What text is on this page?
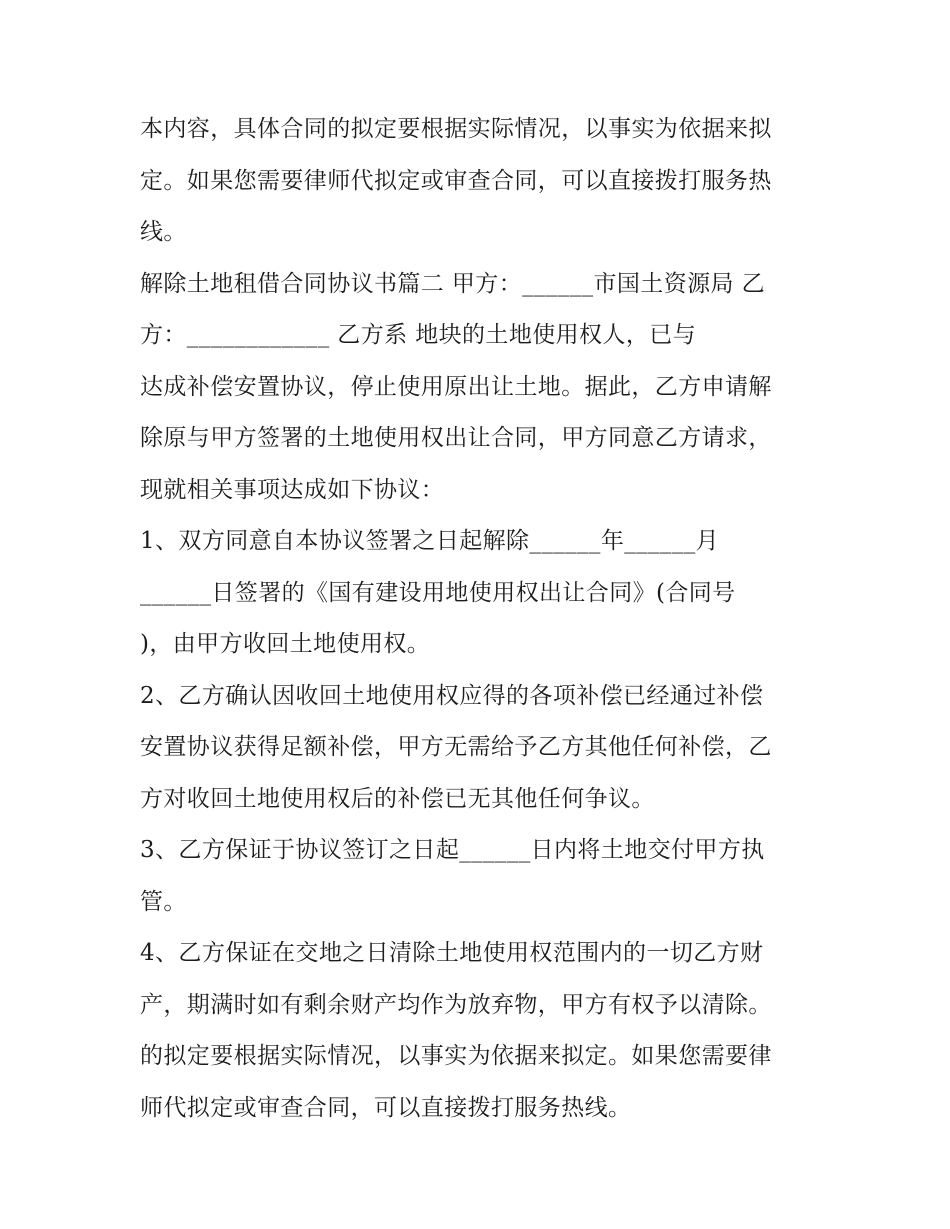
本内容，具体合同的拟定要根据实际情况，以事实为依据来拟
定。如果您需要律师代拟定或审查合同，可以直接拨打服务热
线。
解除土地租借合同协议书篇二 甲方：______市国土资源局 乙
方：____________ 乙方系 地块的土地使用权人，已与
达成补偿安置协议，停止使用原出让土地。据此，乙方申请解
除原与甲方签署的土地使用权出让合同，甲方同意乙方请求，
现就相关事项达成如下协议：
1、双方同意自本协议签署之日起解除______年______月
______日签署的《国有建设用地使用权出让合同》(合同号
)，由甲方收回土地使用权。
2、乙方确认因收回土地使用权应得的各项补偿已经通过补偿
安置协议获得足额补偿，甲方无需给予乙方其他任何补偿，乙
方对收回土地使用权后的补偿已无其他任何争议。
3、乙方保证于协议签订之日起______日内将土地交付甲方执
管。
4、乙方保证在交地之日清除土地使用权范围内的一切乙方财
产，期满时如有剩余财产均作为放弃物，甲方有权予以清除。
的拟定要根据实际情况，以事实为依据来拟定。如果您需要律
师代拟定或审查合同，可以直接拨打服务热线。
